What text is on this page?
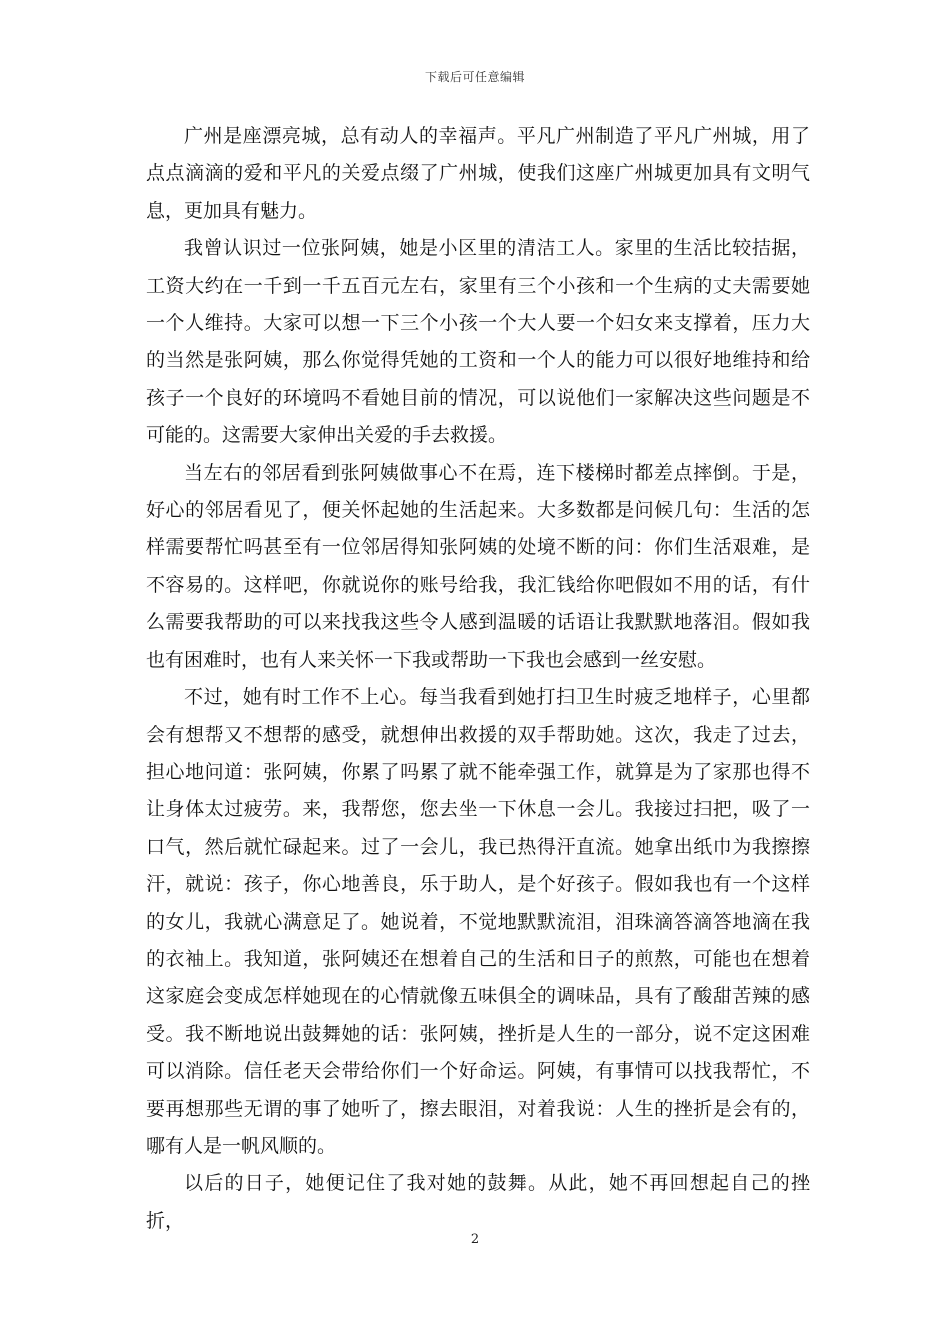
下载后可任意编辑

广州是座漂亮城，总有动人的幸福声。平凡广州制造了平凡广州城，用了点点滴滴的爱和平凡的关爱点缀了广州城，使我们这座广州城更加具有文明气息，更加具有魅力。

我曾认识过一位张阿姨，她是小区里的清洁工人。家里的生活比较拮据，工资大约在一千到一千五百元左右，家里有三个小孩和一个生病的丈夫需要她一个人维持。大家可以想一下三个小孩一个大人要一个妇女来支撑着，压力大的当然是张阿姨，那么你觉得凭她的工资和一个人的能力可以很好地维持和给孩子一个良好的环境吗不看她目前的情况，可以说他们一家解决这些问题是不可能的。这需要大家伸出关爱的手去救援。

当左右的邻居看到张阿姨做事心不在焉，连下楼梯时都差点摔倒。于是，好心的邻居看见了，便关怀起她的生活起来。大多数都是问候几句：生活的怎样需要帮忙吗甚至有一位邻居得知张阿姨的处境不断的问：你们生活艰难，是不容易的。这样吧，你就说你的账号给我，我汇钱给你吧假如不用的话，有什么需要我帮助的可以来找我这些令人感到温暖的话语让我默默地落泪。假如我也有困难时，也有人来关怀一下我或帮助一下我也会感到一丝安慰。

不过，她有时工作不上心。每当我看到她打扫卫生时疲乏地样子，心里都会有想帮又不想帮的感受，就想伸出救援的双手帮助她。这次，我走了过去，担心地问道：张阿姨，你累了吗累了就不能牵强工作，就算是为了家那也得不让身体太过疲劳。来，我帮您，您去坐一下休息一会儿。我接过扫把，吸了一口气，然后就忙碌起来。过了一会儿，我已热得汗直流。她拿出纸巾为我擦擦汗，就说：孩子，你心地善良，乐于助人，是个好孩子。假如我也有一个这样的女儿，我就心满意足了。她说着，不觉地默默流泪，泪珠滴答滴答地滴在我的衣袖上。我知道，张阿姨还在想着自己的生活和日子的煎熬，可能也在想着这家庭会变成怎样她现在的心情就像五味俱全的调味品，具有了酸甜苦辣的感受。我不断地说出鼓舞她的话：张阿姨，挫折是人生的一部分，说不定这困难可以消除。信任老天会带给你们一个好命运。阿姨，有事情可以找我帮忙，不要再想那些无谓的事了她听了，擦去眼泪，对着我说：人生的挫折是会有的，哪有人是一帆风顺的。

以后的日子，她便记住了我对她的鼓舞。从此，她不再回想起自己的挫折，

2
